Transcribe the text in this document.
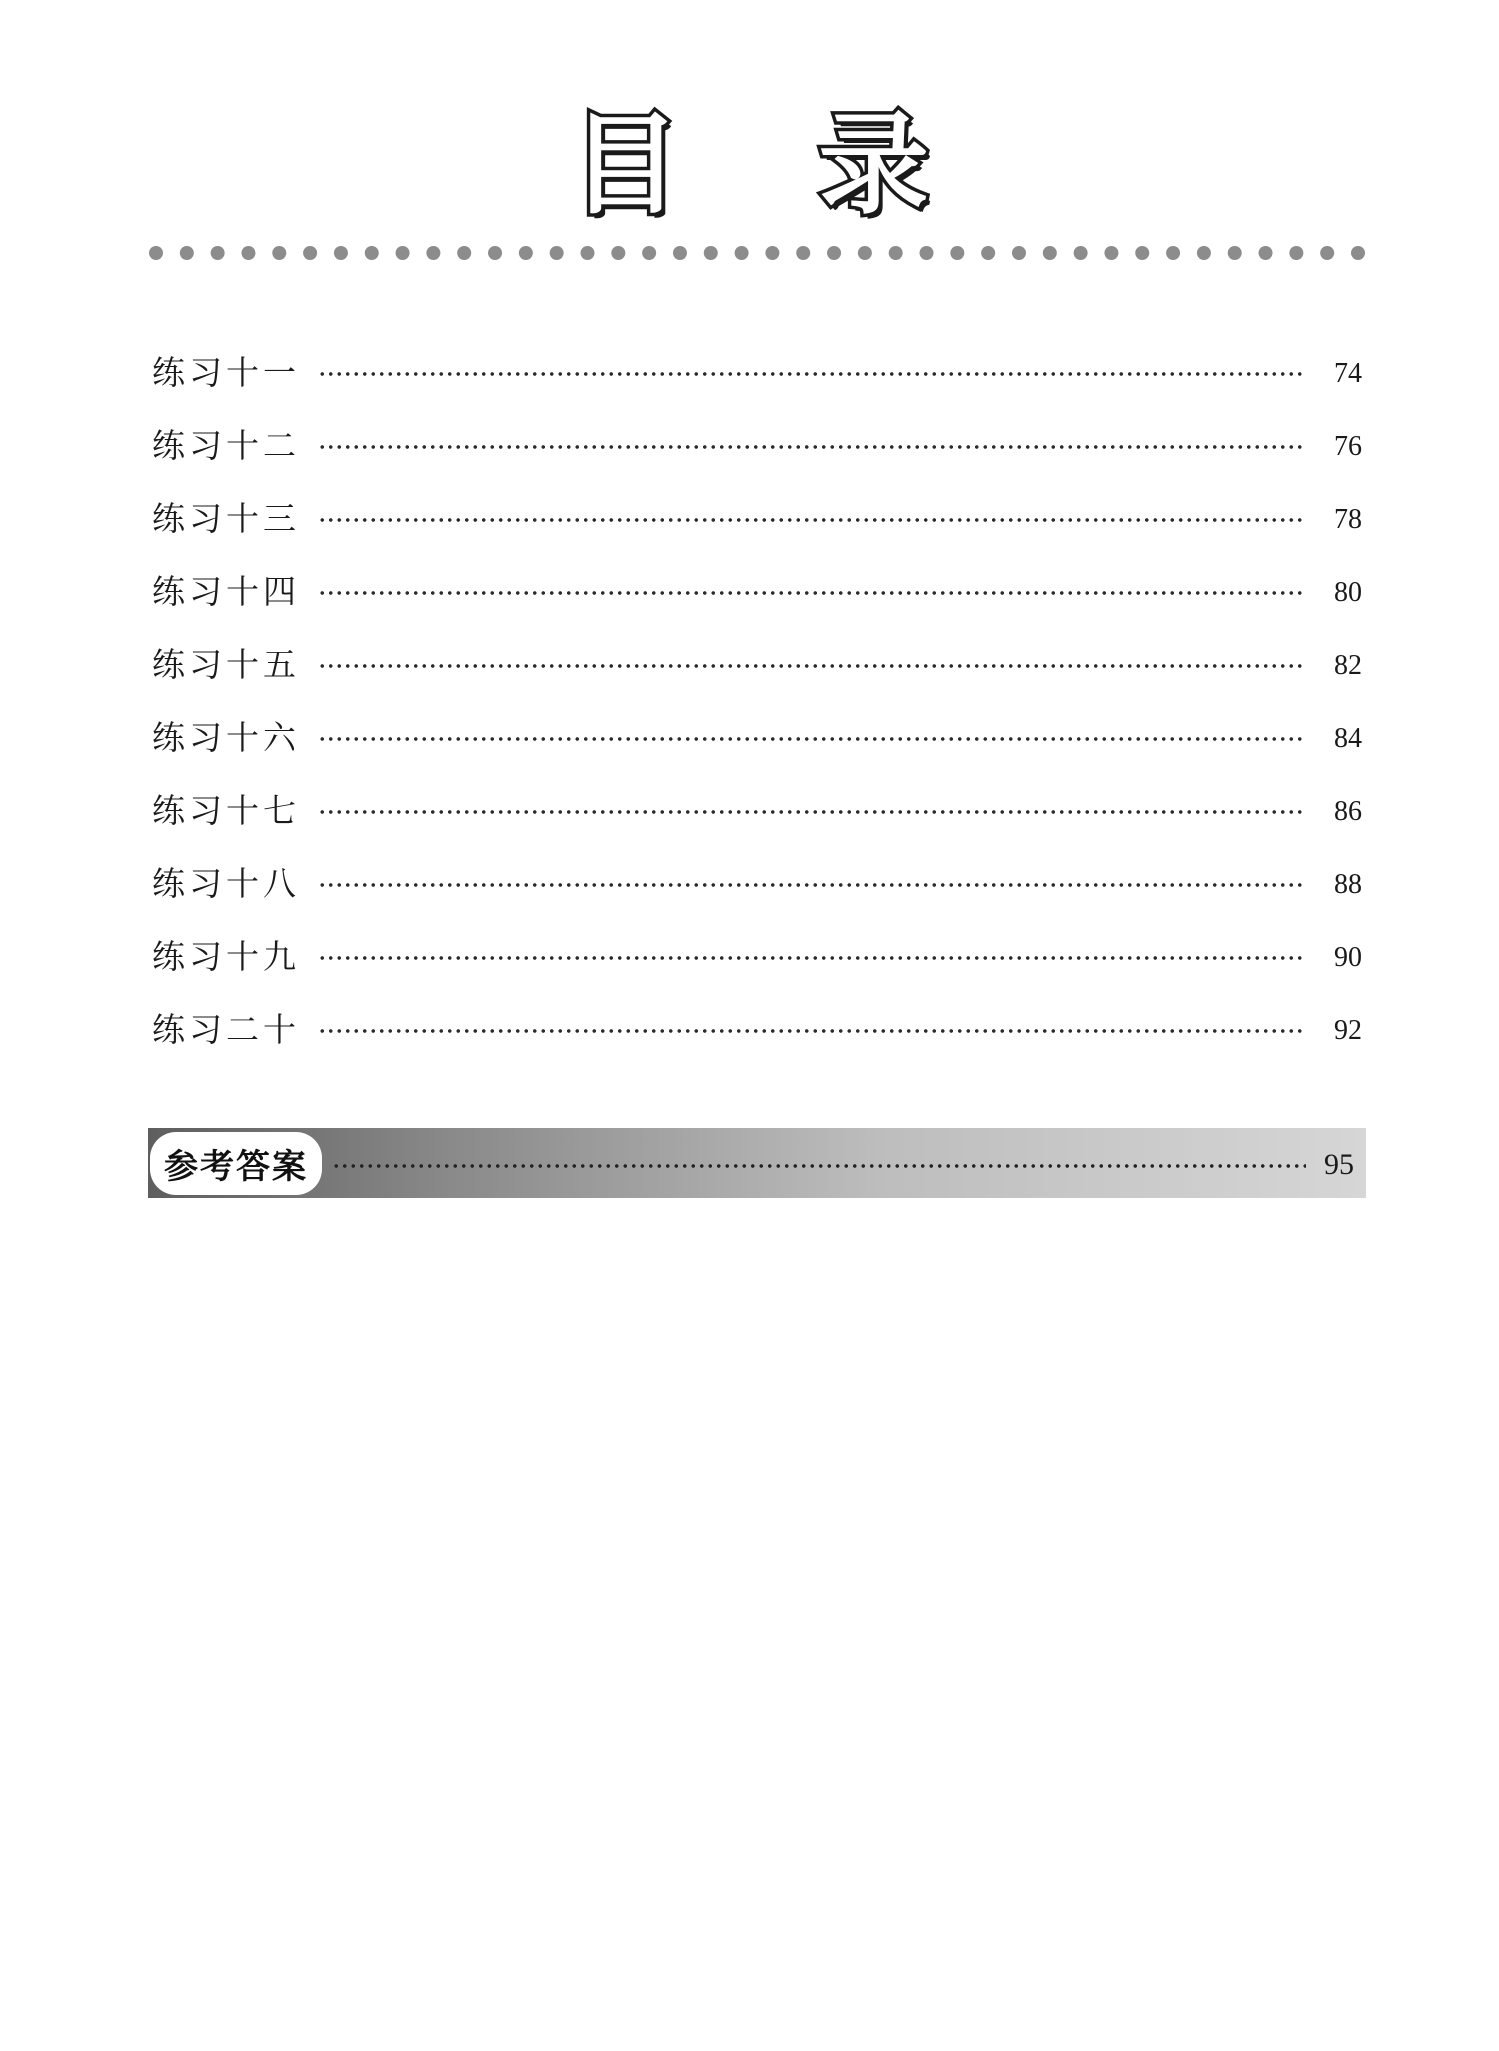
目 录
练习十一	74
练习十二	76
练习十三	78
练习十四	80
练习十五	82
练习十六	84
练习十七	86
练习十八	88
练习十九	90
练习二十	92
参考答案	95
